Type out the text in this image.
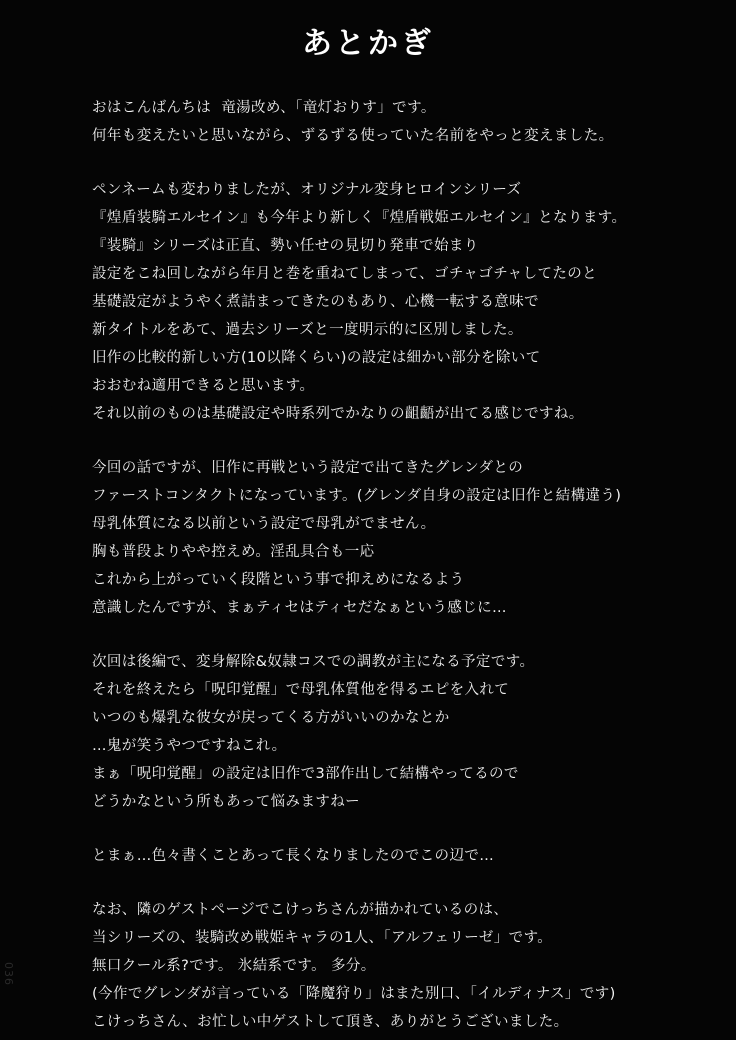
あとかぎ
おはこんばんちは  竜湯改め、「竜灯おりす」です。
何年も変えたいと思いながら、ずるずる使っていた名前をやっと変えました。
ペンネームも変わりましたが、オリジナル変身ヒロインシリーズ
『煌盾装騎エルセイン』も今年より新しく『煌盾戦姫エルセイン』となります。
『装騎』シリーズは正直、勢い任せの見切り発車で始まり
設定をこね回しながら年月と巻を重ねてしまって、ゴチャゴチャしてたのと
基礎設定がようやく煮詰まってきたのもあり、心機一転する意味で
新タイトルをあて、過去シリーズと一度明示的に区別しました。
旧作の比較的新しい方(10以降くらい)の設定は細かい部分を除いて
おおむね適用できると思います。
それ以前のものは基礎設定や時系列でかなりの齟齬が出てる感じですね。
今回の話ですが、旧作に再戦という設定で出てきたグレンダとの
ファーストコンタクトになっています。(グレンダ自身の設定は旧作と結構違う)
母乳体質になる以前という設定で母乳がでません。
胸も普段よりやや控えめ。淫乱具合も一応
これから上がっていく段階という事で抑えめになるよう
意識したんですが、まぁティセはティセだなぁという感じに…
次回は後編で、変身解除&奴隷コスでの調教が主になる予定です。
それを終えたら「呪印覚醒」で母乳体質他を得るエピを入れて
いつのも爆乳な彼女が戻ってくる方がいいのかなとか
…鬼が笑うやつですねこれ。
まぁ「呪印覚醒」の設定は旧作で3部作出して結構やってるので
どうかなという所もあって悩みますねー
とまぁ…色々書くことあって長くなりましたのでこの辺で…
なお、隣のゲストページでこけっちさんが描かれているのは、
当シリーズの、装騎改め戦姫キャラの1人、「アルフェリーゼ」です。
無口クール系?です。 氷結系です。 多分。
(今作でグレンダが言っている「降魔狩り」はまた別口、「イルディナス」です)
こけっちさん、お忙しい中ゲストして頂き、ありがとうございました。
036
